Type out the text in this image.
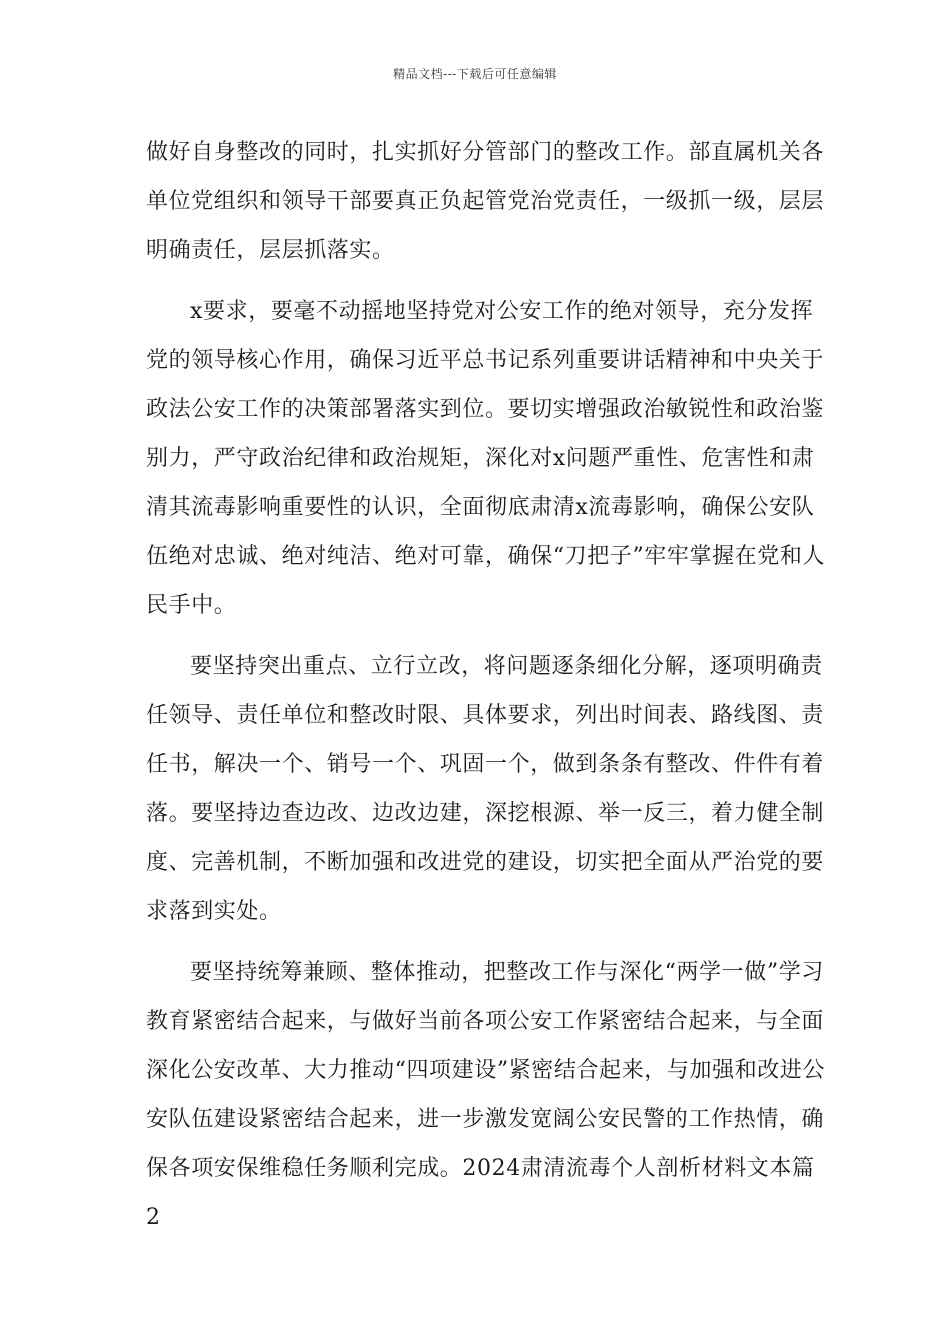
精品文档---下载后可任意编辑

做好自身整改的同时，扎实抓好分管部门的整改工作。部直属机关各单位党组织和领导干部要真正负起管党治党责任，一级抓一级，层层明确责任，层层抓落实。

x要求，要毫不动摇地坚持党对公安工作的绝对领导，充分发挥党的领导核心作用，确保习近平总书记系列重要讲话精神和中央关于政法公安工作的决策部署落实到位。要切实增强政治敏锐性和政治鉴别力，严守政治纪律和政治规矩，深化对x问题严重性、危害性和肃清其流毒影响重要性的认识，全面彻底肃清x流毒影响，确保公安队伍绝对忠诚、绝对纯洁、绝对可靠，确保“刀把子”牢牢掌握在党和人民手中。

要坚持突出重点、立行立改，将问题逐条细化分解，逐项明确责任领导、责任单位和整改时限、具体要求，列出时间表、路线图、责任书，解决一个、销号一个、巩固一个，做到条条有整改、件件有着落。要坚持边查边改、边改边建，深挖根源、举一反三，着力健全制度、完善机制，不断加强和改进党的建设，切实把全面从严治党的要求落到实处。

要坚持统筹兼顾、整体推动，把整改工作与深化“两学一做”学习教育紧密结合起来，与做好当前各项公安工作紧密结合起来，与全面深化公安改革、大力推动“四项建设”紧密结合起来，与加强和改进公安队伍建设紧密结合起来，进一步激发宽阔公安民警的工作热情，确保各项安保维稳任务顺利完成。2024肃清流毒个人剖析材料文本篇2
